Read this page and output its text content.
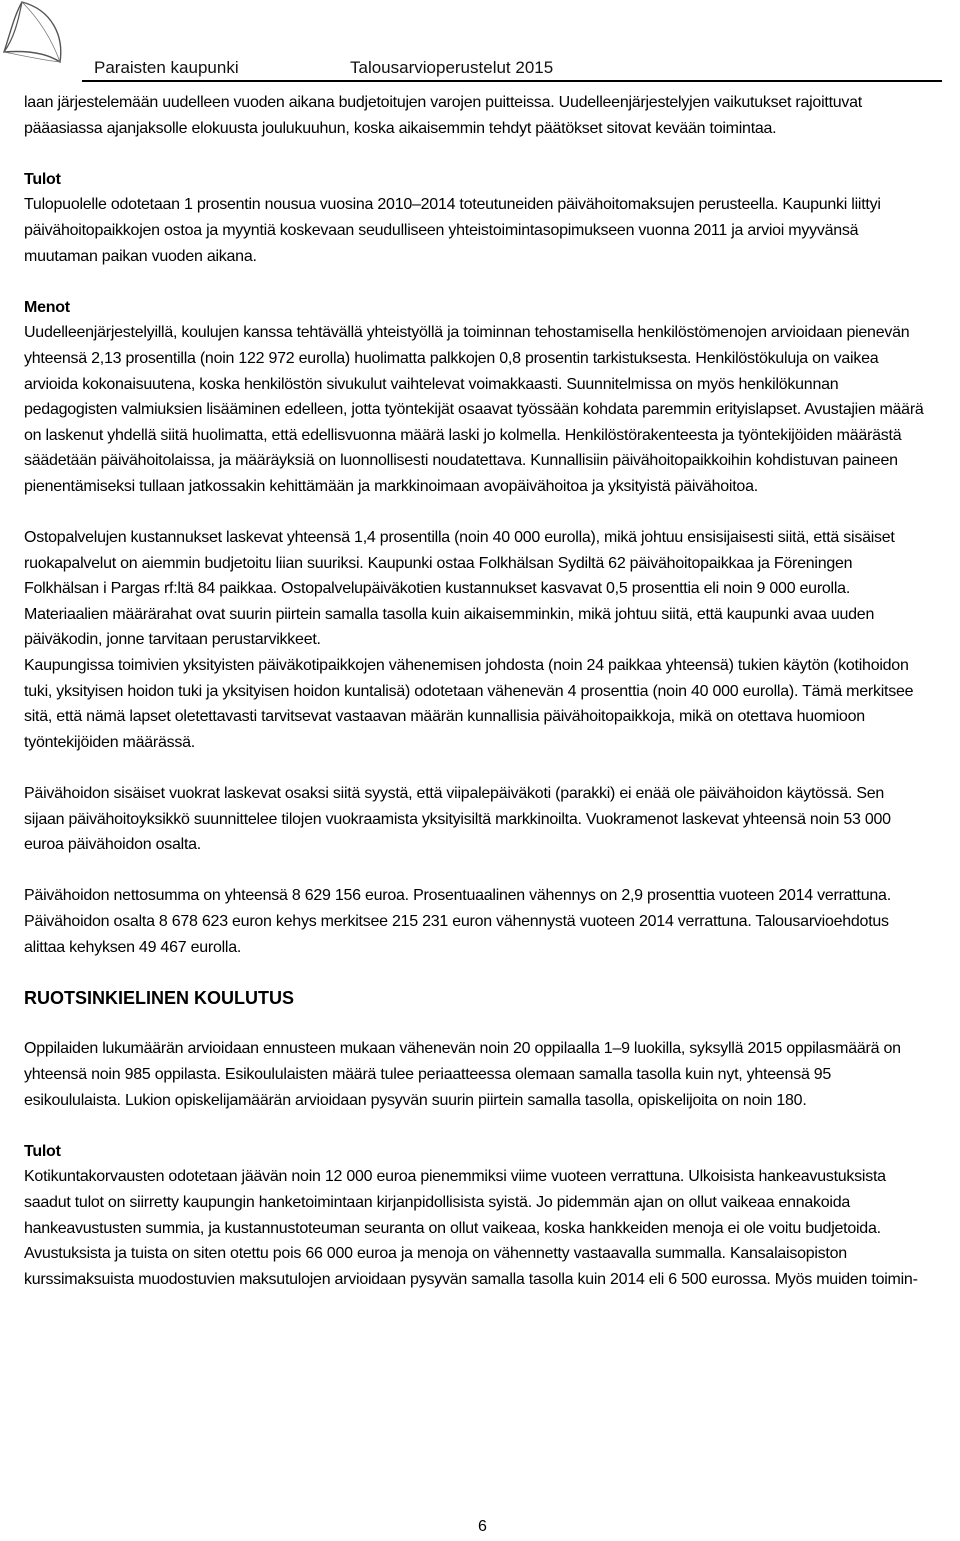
Paraisten kaupunki	Talousarvioperustelut 2015

laan järjestelemään uudelleen vuoden aikana budjetoitujen varojen puitteissa. Uudelleenjärjestelyjen vaikutukset rajoittuvat pääasiassa ajanjaksolle elokuusta joulukuuhun, koska aikaisemmin tehdyt päätökset sitovat kevään toimintaa.

Tulot
Tulopuolelle odotetaan 1 prosentin nousua vuosina 2010–2014 toteutuneiden päivähoitomaksujen perusteella. Kaupunki liittyi päivähoitopaikkojen ostoa ja myyntiä koskevaan seudulliseen yhteistoimintasopimukseen vuonna 2011 ja arvioi myyvänsä muutaman paikan vuoden aikana.

Menot
Uudelleenjärjestelyillä, koulujen kanssa tehtävällä yhteistyöllä ja toiminnan tehostamisella henkilöstömenojen arvioidaan pienevän yhteensä 2,13 prosentilla (noin 122 972 eurolla) huolimatta palkkojen 0,8 prosentin tarkistuksesta. Henkilöstökuluja on vaikea arvioida kokonaisuutena, koska henkilöstön sivukulut vaihtelevat voimakkaasti. Suunnitelmissa on myös henkilökunnan pedagogisten valmiuksien lisääminen edelleen, jotta työntekijät osaavat työssään kohdata paremmin erityislapset. Avustajien määrä on laskenut yhdellä siitä huolimatta, että edellisvuonna määrä laski jo kolmella. Henkilöstörakenteesta ja työntekijöiden määrästä säädetään päivähoitolaissa, ja määräyksiä on luonnollisesti noudatettava. Kunnallisiin päivähoitopaikkoihin kohdistuvan paineen pienentämiseksi tullaan jatkossakin kehittämään ja markkinoimaan avopäivähoitoa ja yksityistä päivähoitoa.

Ostopalvelujen kustannukset laskevat yhteensä 1,4 prosentilla (noin 40 000 eurolla), mikä johtuu ensisijaisesti siitä, että sisäiset ruokapalvelut on aiemmin budjetoitu liian suuriksi. Kaupunki ostaa Folkhälsan Sydiltä 62 päivähoitopaikkaa ja Föreningen Folkhälsan i Pargas rf:ltä 84 paikkaa. Ostopalvelupäiväkotien kustannukset kasvavat 0,5 prosenttia eli noin 9 000 eurolla.

Materiaalien määrärahat ovat suurin piirtein samalla tasolla kuin aikaisemminkin, mikä johtuu siitä, että kaupunki avaa uuden päiväkodin, jonne tarvitaan perustarvikkeet.

Kaupungissa toimivien yksityisten päiväkotipaikkojen vähenemisen johdosta (noin 24 paikkaa yhteensä) tukien käytön (kotihoidon tuki, yksityisen hoidon tuki ja yksityisen hoidon kuntalisä) odotetaan vähenevän 4 prosenttia (noin 40 000 eurolla). Tämä merkitsee sitä, että nämä lapset oletettavasti tarvitsevat vastaavan määrän kunnallisia päivähoitopaikkoja, mikä on otettava huomioon työntekijöiden määrässä.

Päivähoidon sisäiset vuokrat laskevat osaksi siitä syystä, että viipalepäiväkoti (parakki) ei enää ole päivähoidon käytössä. Sen sijaan päivähoitoyksikkö suunnittelee tilojen vuokraamista yksityisiltä markkinoilta. Vuokramenot laskevat yhteensä noin 53 000 euroa päivähoidon osalta.

Päivähoidon nettosumma on yhteensä 8 629 156 euroa. Prosentuaalinen vähennys on 2,9 prosenttia vuoteen 2014 verrattuna. Päivähoidon osalta 8 678 623 euron kehys merkitsee 215 231 euron vähennystä vuoteen 2014 verrattuna. Talousarvioehdotus alittaa kehyksen 49 467 eurolla.

RUOTSINKIELINEN KOULUTUS

Oppilaiden lukumäärän arvioidaan ennusteen mukaan vähenevän noin 20 oppilaalla 1–9 luokilla, syksyllä 2015 oppilasmäärä on yhteensä noin 985 oppilasta. Esikoululaisten määrä tulee periaatteessa olemaan samalla tasolla kuin nyt, yhteensä 95 esikoululaista. Lukion opiskelijamäärän arvioidaan pysyvän suurin piirtein samalla tasolla, opiskelijoita on noin 180.

Tulot
Kotikuntakorvausten odotetaan jäävän noin 12 000 euroa pienemmiksi viime vuoteen verrattuna. Ulkoisista hankeavustuksista saadut tulot on siirretty kaupungin hanketoimintaan kirjanpidollisista syistä. Jo pidemmän ajan on ollut vaikeaa ennakoida hankeavustusten summia, ja kustannustoteuman seuranta on ollut vaikeaa, koska hankkeiden menoja ei ole voitu budjetoida. Avustuksista ja tuista on siten otettu pois 66 000 euroa ja menoja on vähennetty vastaavalla summalla. Kansalaisopiston kurssimaksuista muodostuvien maksutulojen arvioidaan pysyvän samalla tasolla kuin 2014 eli 6 500 eurossa. Myös muiden toimin-

6
